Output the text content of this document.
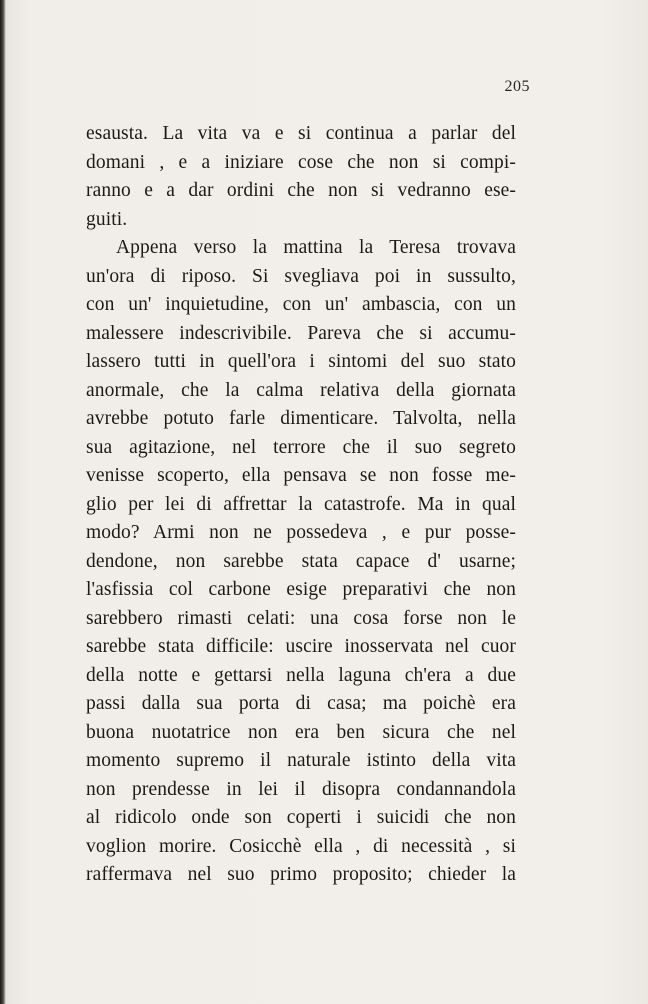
205
esausta. La vita va e si continua a parlar del
domani , e a iniziare cose che non si compi-
ranno e a dar ordini che non si vedranno ese-
guiti.
Appena verso la mattina la Teresa trovava
un'ora di riposo. Si svegliava poi in sussulto,
con un' inquietudine, con un' ambascia, con un
malessere indescrivibile. Pareva che si accumu-
lassero tutti in quell'ora i sintomi del suo stato
anormale, che la calma relativa della giornata
avrebbe potuto farle dimenticare. Talvolta, nella
sua agitazione, nel terrore che il suo segreto
venisse scoperto, ella pensava se non fosse me-
glio per lei di affrettar la catastrofe. Ma in qual
modo? Armi non ne possedeva , e pur posse-
dendone, non sarebbe stata capace d' usarne;
l'asfissia col carbone esige preparativi che non
sarebbero rimasti celati: una cosa forse non le
sarebbe stata difficile: uscire inosservata nel cuor
della notte e gettarsi nella laguna ch'era a due
passi dalla sua porta di casa; ma poichè era
buona nuotatrice non era ben sicura che nel
momento supremo il naturale istinto della vita
non prendesse in lei il disopra condannandola
al ridicolo onde son coperti i suicidi che non
voglion morire. Cosicchè ella , di necessità , si
raffermava nel suo primo proposito; chieder la
